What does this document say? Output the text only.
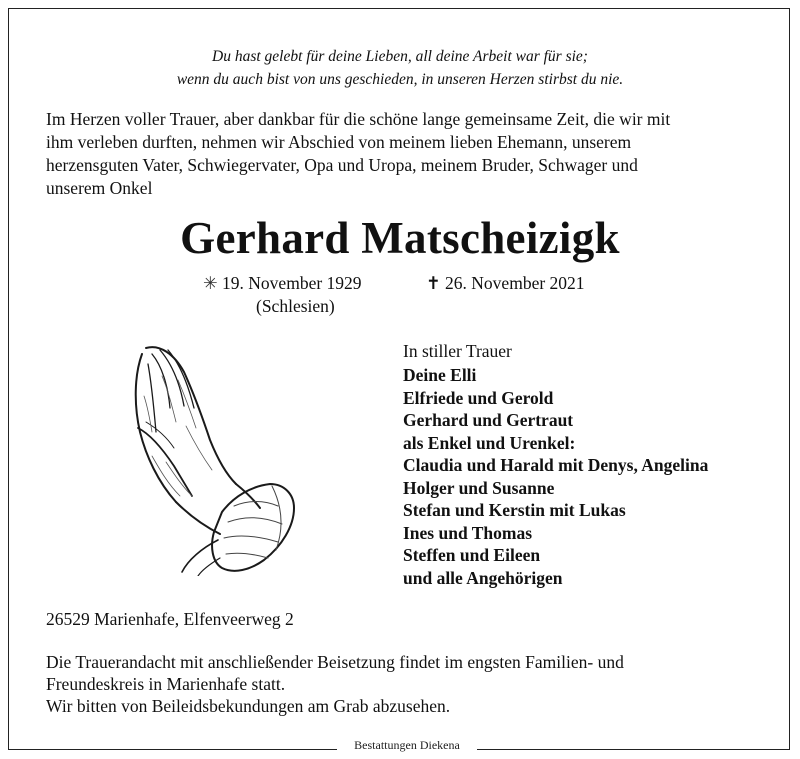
Bestattungen Diekena
Du hast gelebt für deine Lieben, all deine Arbeit war für sie;
wenn du auch bist von uns geschieden, in unseren Herzen stirbst du nie.
Im Herzen voller Trauer, aber dankbar für die schöne lange gemeinsame Zeit, die wir mit
ihm verleben durften, nehmen wir Abschied von meinem lieben Ehemann, unserem
herzensguten Vater, Schwiegervater, Opa und Uropa, meinem Bruder, Schwager und
unserem Onkel
Gerhard Matscheizigk
✳ 19. November 1929	✝ 26. November 2021
(Schlesien)
In stiller Trauer
Deine Elli
Elfriede und Gerold
Gerhard und Gertraut
als Enkel und Urenkel:
Claudia und Harald mit Denys, Angelina
Holger und Susanne
Stefan und Kerstin mit Lukas
Ines und Thomas
Steffen und Eileen
und alle Angehörigen
26529 Marienhafe, Elfenveerweg 2
Die Trauerandacht mit anschließender Beisetzung findet im engsten Familien- und
Freundeskreis in Marienhafe statt.
Wir bitten von Beileidsbekundungen am Grab abzusehen.
